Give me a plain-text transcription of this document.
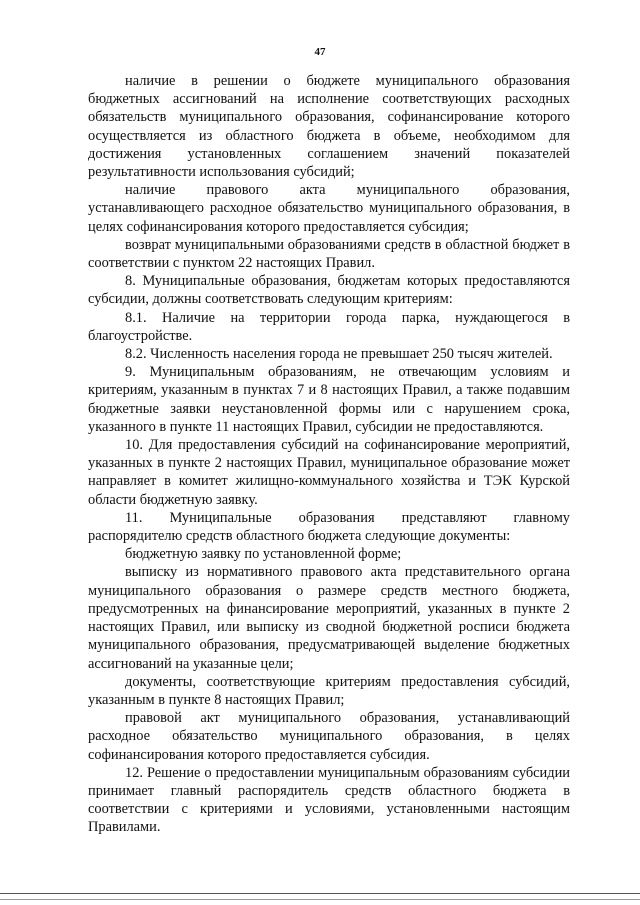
47

наличие в решении о бюджете муниципального образования бюджетных ассигнований на исполнение соответствующих расходных обязательств муниципального образования, софинансирование которого осуществляется из областного бюджета в объеме, необходимом для достижения установленных соглашением значений показателей результативности использования субсидий;

наличие правового акта муниципального образования, устанавливающего расходное обязательство муниципального образования, в целях софинансирования которого предоставляется субсидия;

возврат муниципальными образованиями средств в областной бюджет в соответствии с пунктом 22 настоящих Правил.

8. Муниципальные образования, бюджетам которых предоставляются субсидии, должны соответствовать следующим критериям:

8.1. Наличие на территории города парка, нуждающегося в благоустройстве.

8.2. Численность населения города не превышает 250 тысяч жителей.

9. Муниципальным образованиям, не отвечающим условиям и критериям, указанным в пунктах 7 и 8 настоящих Правил, а также подавшим бюджетные заявки неустановленной формы или с нарушением срока, указанного в пункте 11 настоящих Правил, субсидии не предоставляются.

10. Для предоставления субсидий на софинансирование мероприятий, указанных в пункте 2 настоящих Правил, муниципальное образование может направляет в комитет жилищно-коммунального хозяйства и ТЭК Курской области бюджетную заявку.

11. Муниципальные образования представляют главному распорядителю средств областного бюджета следующие документы:

бюджетную заявку по установленной форме;

выписку из нормативного правового акта представительного органа муниципального образования о размере средств местного бюджета, предусмотренных на финансирование мероприятий, указанных в пункте 2 настоящих Правил, или выписку из сводной бюджетной росписи бюджета муниципального образования, предусматривающей выделение бюджетных ассигнований на указанные цели;

документы, соответствующие критериям предоставления субсидий, указанным в пункте 8 настоящих Правил;

правовой акт муниципального образования, устанавливающий расходное обязательство муниципального образования, в целях софинансирования которого предоставляется субсидия.

12. Решение о предоставлении муниципальным образованиям субсидии принимает главный распорядитель средств областного бюджета в соответствии с критериями и условиями, установленными настоящим Правилами.
